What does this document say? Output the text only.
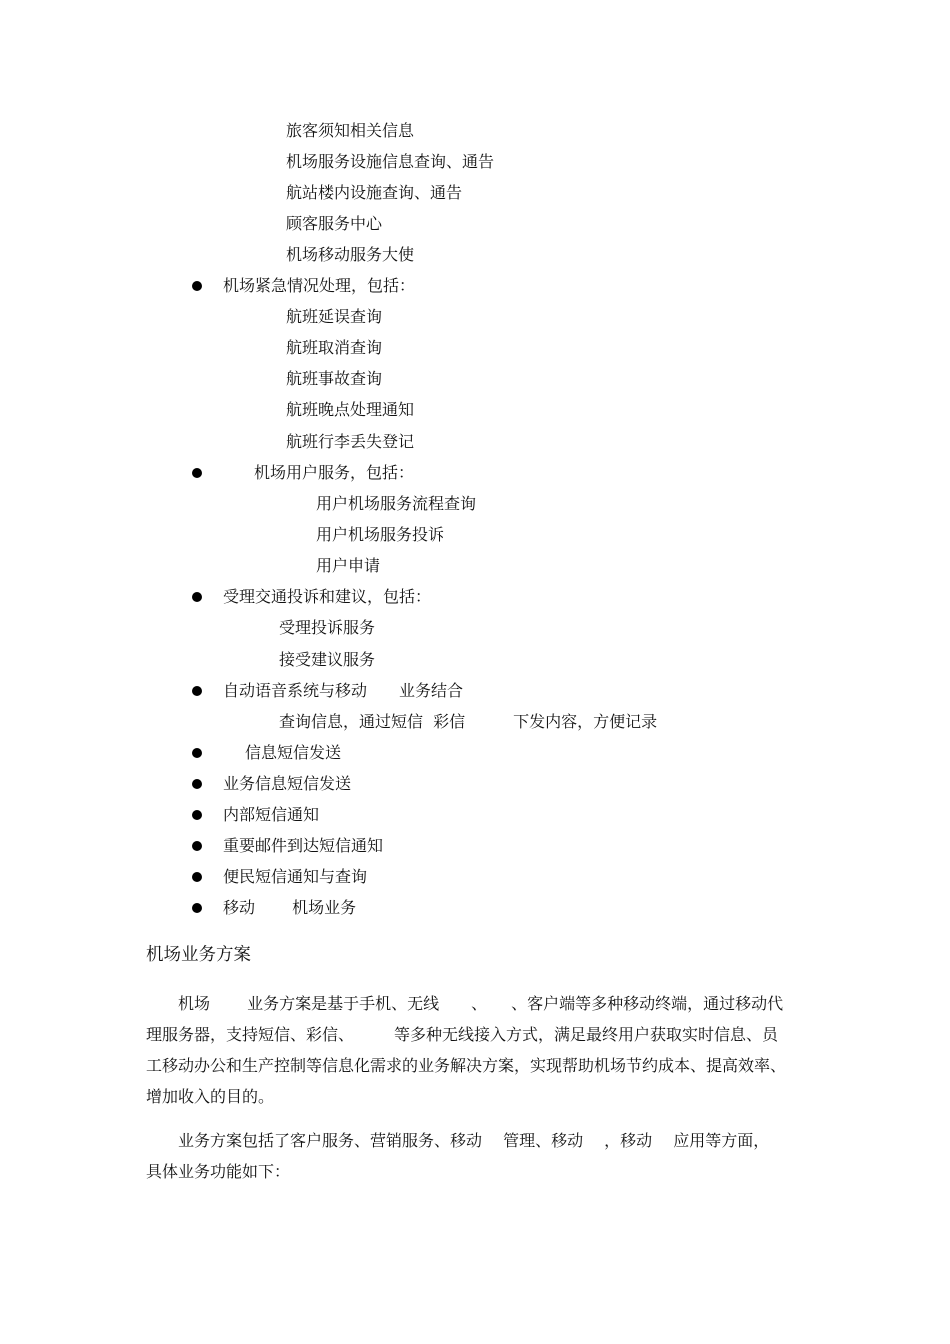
旅客须知相关信息
机场服务设施信息查询、通告
航站楼内设施查询、通告
顾客服务中心
机场移动服务大使
机场紧急情况处理，包括：
航班延误查询
航班取消查询
航班事故查询
航班晚点处理通知
航班行李丢失登记
机场用户服务，包括：
用户机场服务流程查询
用户机场服务投诉
用户申请
受理交通投诉和建议，包括：
受理投诉服务
接受建议服务
自动语音系统与移动　　业务结合
查询信息，通过短信  彩信　　　下发内容，方便记录
信息短信发送
业务信息短信发送
内部短信通知
重要邮件到达短信通知
便民短信通知与查询
移动　　 机场业务
机场业务方案
机场　　 业务方案是基于手机、无线　　、　　、客户端等多种移动终端，通过移动代
理服务器，支持短信、彩信、　　　等多种无线接入方式，满足最终用户获取实时信息、员
工移动办公和生产控制等信息化需求的业务解决方案，实现帮助机场节约成本、提高效率、
增加收入的目的。
业务方案包括了客户服务、营销服务、移动　 管理、移动　 ，移动　 应用等方面，
具体业务功能如下：
